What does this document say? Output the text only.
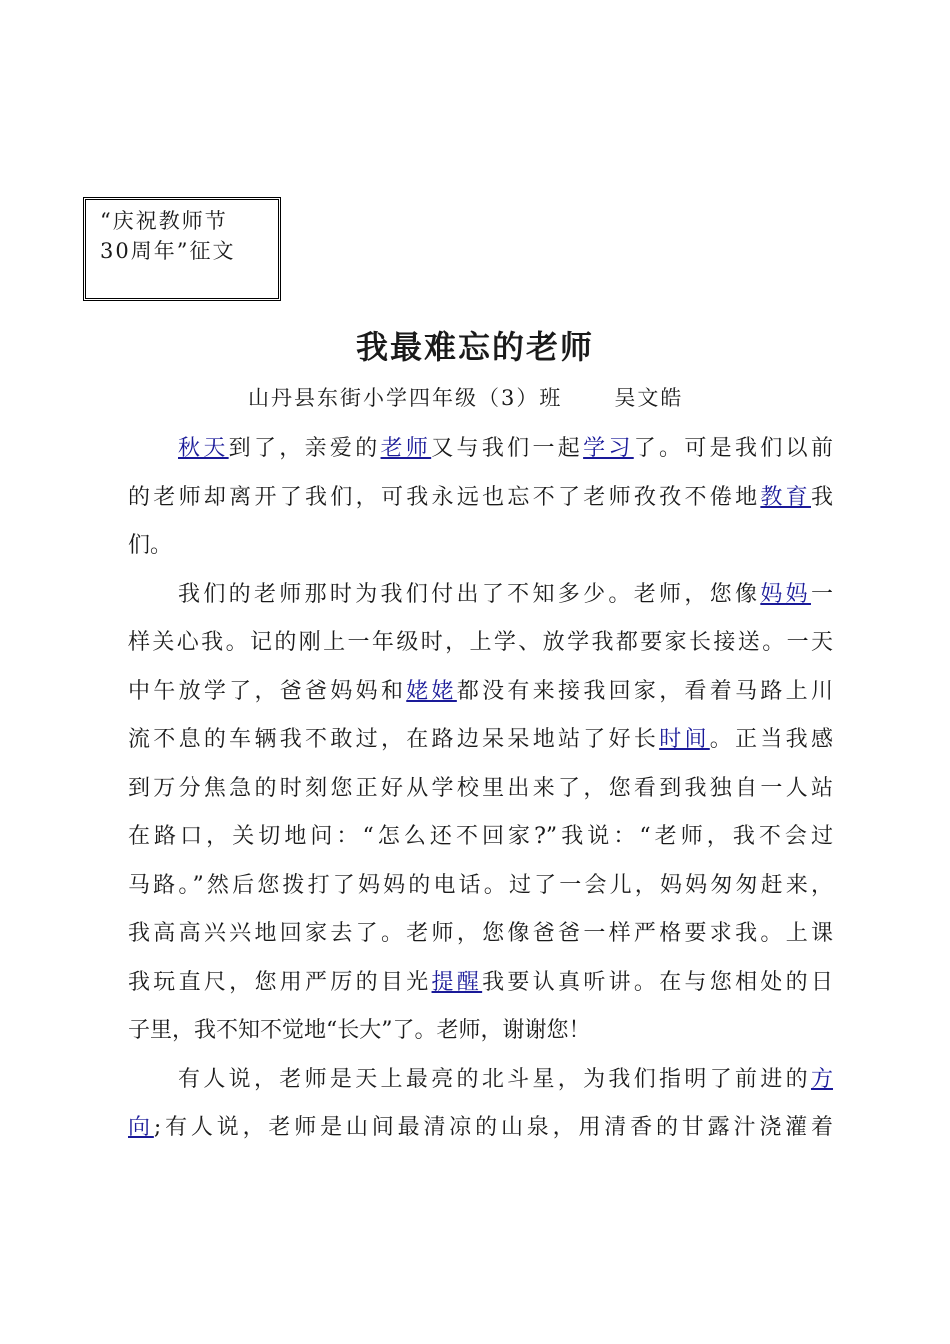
“庆祝教师节
30周年”征文
我最难忘的老师
山丹县东街小学四年级（3）班      吴文皓
秋天到了，亲爱的老师又与我们一起学习了。可是我们以前
的老师却离开了我们，可我永远也忘不了老师孜孜不倦地教育我
们。
我们的老师那时为我们付出了不知多少。老师，您像妈妈一
样关心我。记的刚上一年级时，上学、放学我都要家长接送。一天
中午放学了，爸爸妈妈和姥姥都没有来接我回家，看着马路上川
流不息的车辆我不敢过，在路边呆呆地站了好长时间。正当我感
到万分焦急的时刻您正好从学校里出来了，您看到我独自一人站
在路口，关切地问：“怎么还不回家?”我说：“老师，我不会过
马路。”然后您拨打了妈妈的电话。过了一会儿，妈妈匆匆赶来，
我高高兴兴地回家去了。老师，您像爸爸一样严格要求我。上课
我玩直尺，您用严厉的目光提醒我要认真听讲。在与您相处的日
子里，我不知不觉地“长大”了。老师，谢谢您！
有人说，老师是天上最亮的北斗星，为我们指明了前进的方
向;有人说，老师是山间最清凉的山泉，用清香的甘露汁浇灌着
